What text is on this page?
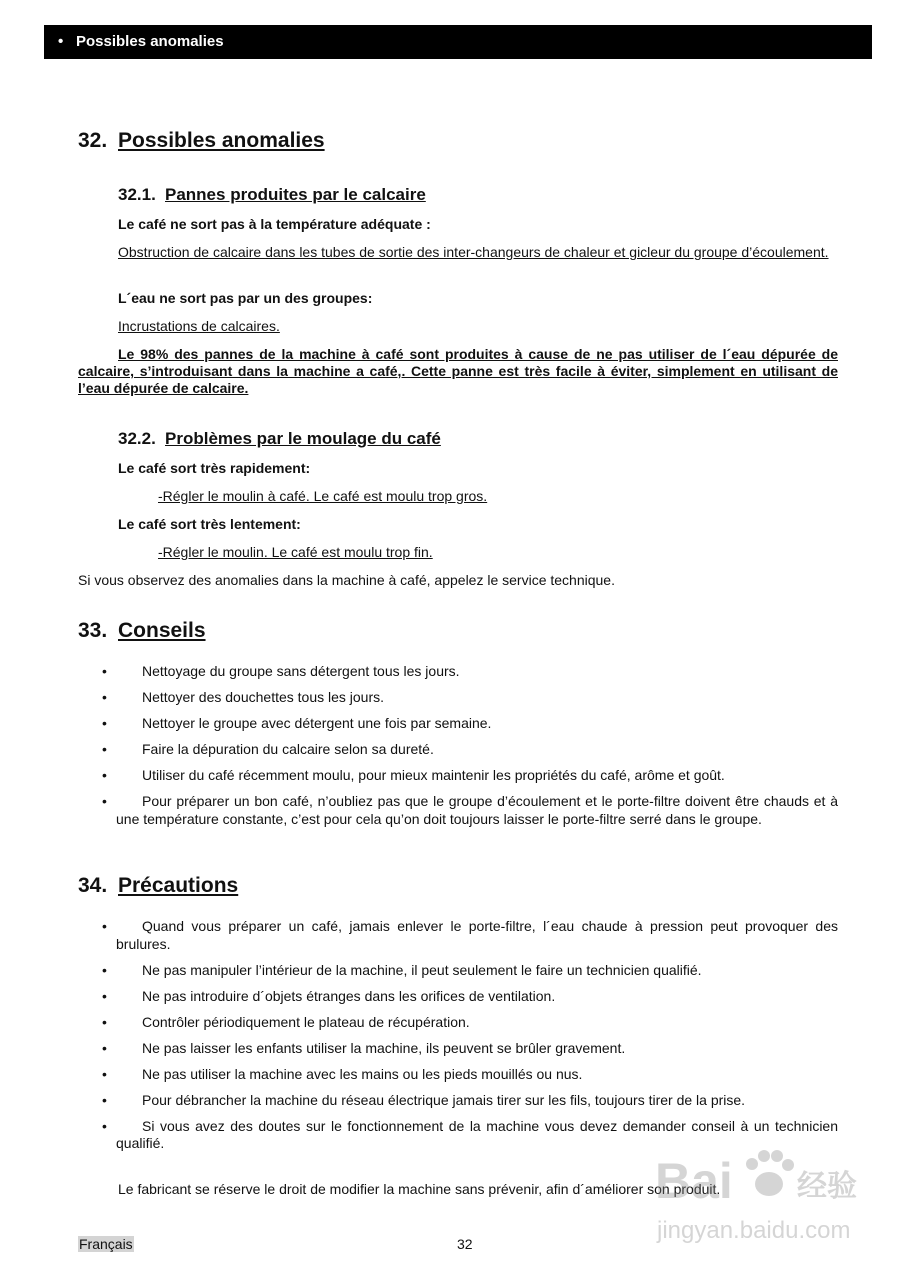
• Possibles anomalies
32. Possibles anomalies
32.1. Pannes produites par le calcaire
Le café ne sort pas à la température adéquate :
Obstruction de calcaire dans les tubes de sortie des inter-changeurs de chaleur et gicleur du groupe d’écoulement.
L´eau ne sort pas par un des groupes:
Incrustations de calcaires.
Le 98% des pannes de la machine à café sont produites à cause de ne pas utiliser de l´eau dépurée de calcaire, s’introduisant dans la machine a café,. Cette panne est très facile à éviter, simplement en utilisant de l’eau dépurée de calcaire.
32.2. Problèmes par le moulage du café
Le café sort très rapidement:
-Régler le moulin à café. Le café est moulu trop gros.
Le café sort très lentement:
-Régler le moulin. Le café est moulu trop fin.
Si vous observez des anomalies dans la machine à café, appelez le service technique.
33. Conseils
•	Nettoyage du groupe sans détergent tous les jours.
•	Nettoyer des douchettes tous les jours.
•	Nettoyer le groupe avec détergent une fois par semaine.
•	Faire la dépuration du calcaire selon sa dureté.
•	Utiliser du café récemment moulu, pour mieux maintenir les propriétés du café, arôme et goût.
•	Pour préparer un bon café, n’oubliez pas que le groupe d’écoulement et le porte-filtre doivent être chauds et à une température constante, c’est pour cela qu’on doit toujours laisser le porte-filtre serré dans le groupe.
34. Précautions
•	Quand vous préparer un café, jamais enlever le porte-filtre, l´eau chaude à pression peut provoquer des brulures.
•	Ne pas manipuler l’intérieur de la machine, il peut seulement le faire un technicien qualifié.
•	Ne pas introduire d´objets étranges dans les orifices de ventilation.
•	Contrôler périodiquement le plateau de récupération.
•	Ne pas laisser les enfants utiliser la machine, ils peuvent se brûler gravement.
•	Ne pas utiliser la machine avec les mains ou les pieds mouillés ou nus.
•	Pour débrancher la machine du réseau électrique jamais tirer sur les fils, toujours tirer de la prise.
•	Si vous avez des doutes sur le fonctionnement de la machine vous devez demander conseil à un technicien qualifié.
Le fabricant se réserve le droit de modifier la machine sans prévenir, afin d´améliorer son produit.
Bai 经验
jingyan.baidu.com
Français	32
